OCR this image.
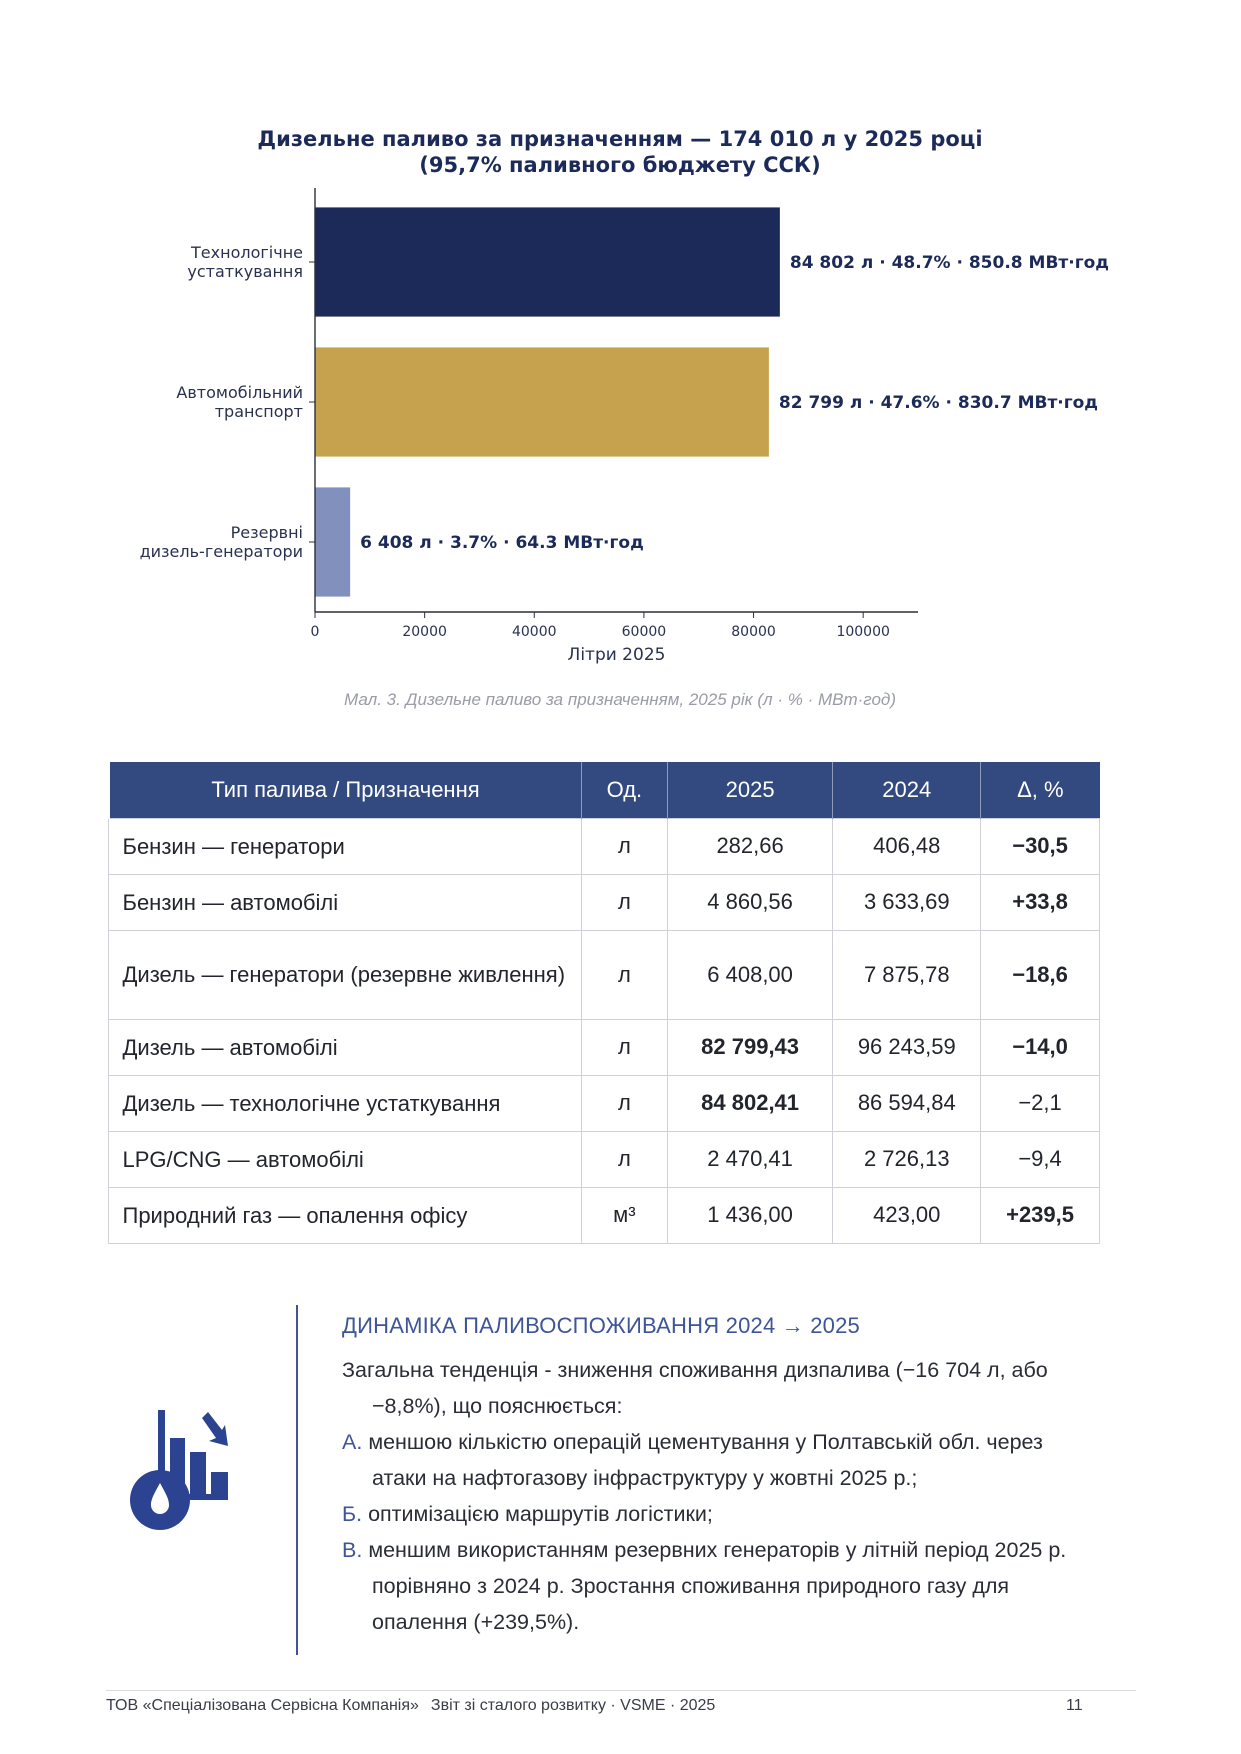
Дизельне паливо за призначенням — 174 010 л у 2025 році
(95,7% паливного бюджету ССК)
84 802 л · 48.7% · 850.8 МВт·год
82 799 л · 47.6% · 830.7 МВт·год
6 408 л · 3.7% · 64.3 МВт·год
Технологічне
устаткування
Автомобільний
транспорт
Резервні
дизель-генератори
0	20000	40000	60000	80000	100000
Літри 2025
Мал. 3. Дизельне паливо за призначенням, 2025 рік (л · % · МВт·год)
Тип палива / Призначення	Од.	2025	2024	Δ, %
Бензин — генератори	л	282,66	406,48	−30,5
Бензин — автомобілі	л	4 860,56	3 633,69	+33,8
Дизель — генератори (резервне живлення)	л	6 408,00	7 875,78	−18,6
Дизель — автомобілі	л	82 799,43	96 243,59	−14,0
Дизель — технологічне устаткування	л	84 802,41	86 594,84	−2,1
LPG/CNG — автомобілі	л	2 470,41	2 726,13	−9,4
Природний газ — опалення офісу	м³	1 436,00	423,00	+239,5
ДИНАМІКА ПАЛИВОСПОЖИВАННЯ 2024 → 2025
Загальна тенденція - зниження споживання дизпалива (−16 704 л, або −8,8%), що пояснюється:
А. меншою кількістю операцій цементування у Полтавській обл. через атаки на нафтогазову інфраструктуру у жовтні 2025 р.;
Б. оптимізацією маршрутів логістики;
В. меншим використанням резервних генераторів у літній період 2025 р. порівняно з 2024 р. Зростання споживання природного газу для опалення (+239,5%).
ТОВ «Спеціалізована Сервісна Компанія» Звіт зі сталого розвитку · VSME · 2025	11
